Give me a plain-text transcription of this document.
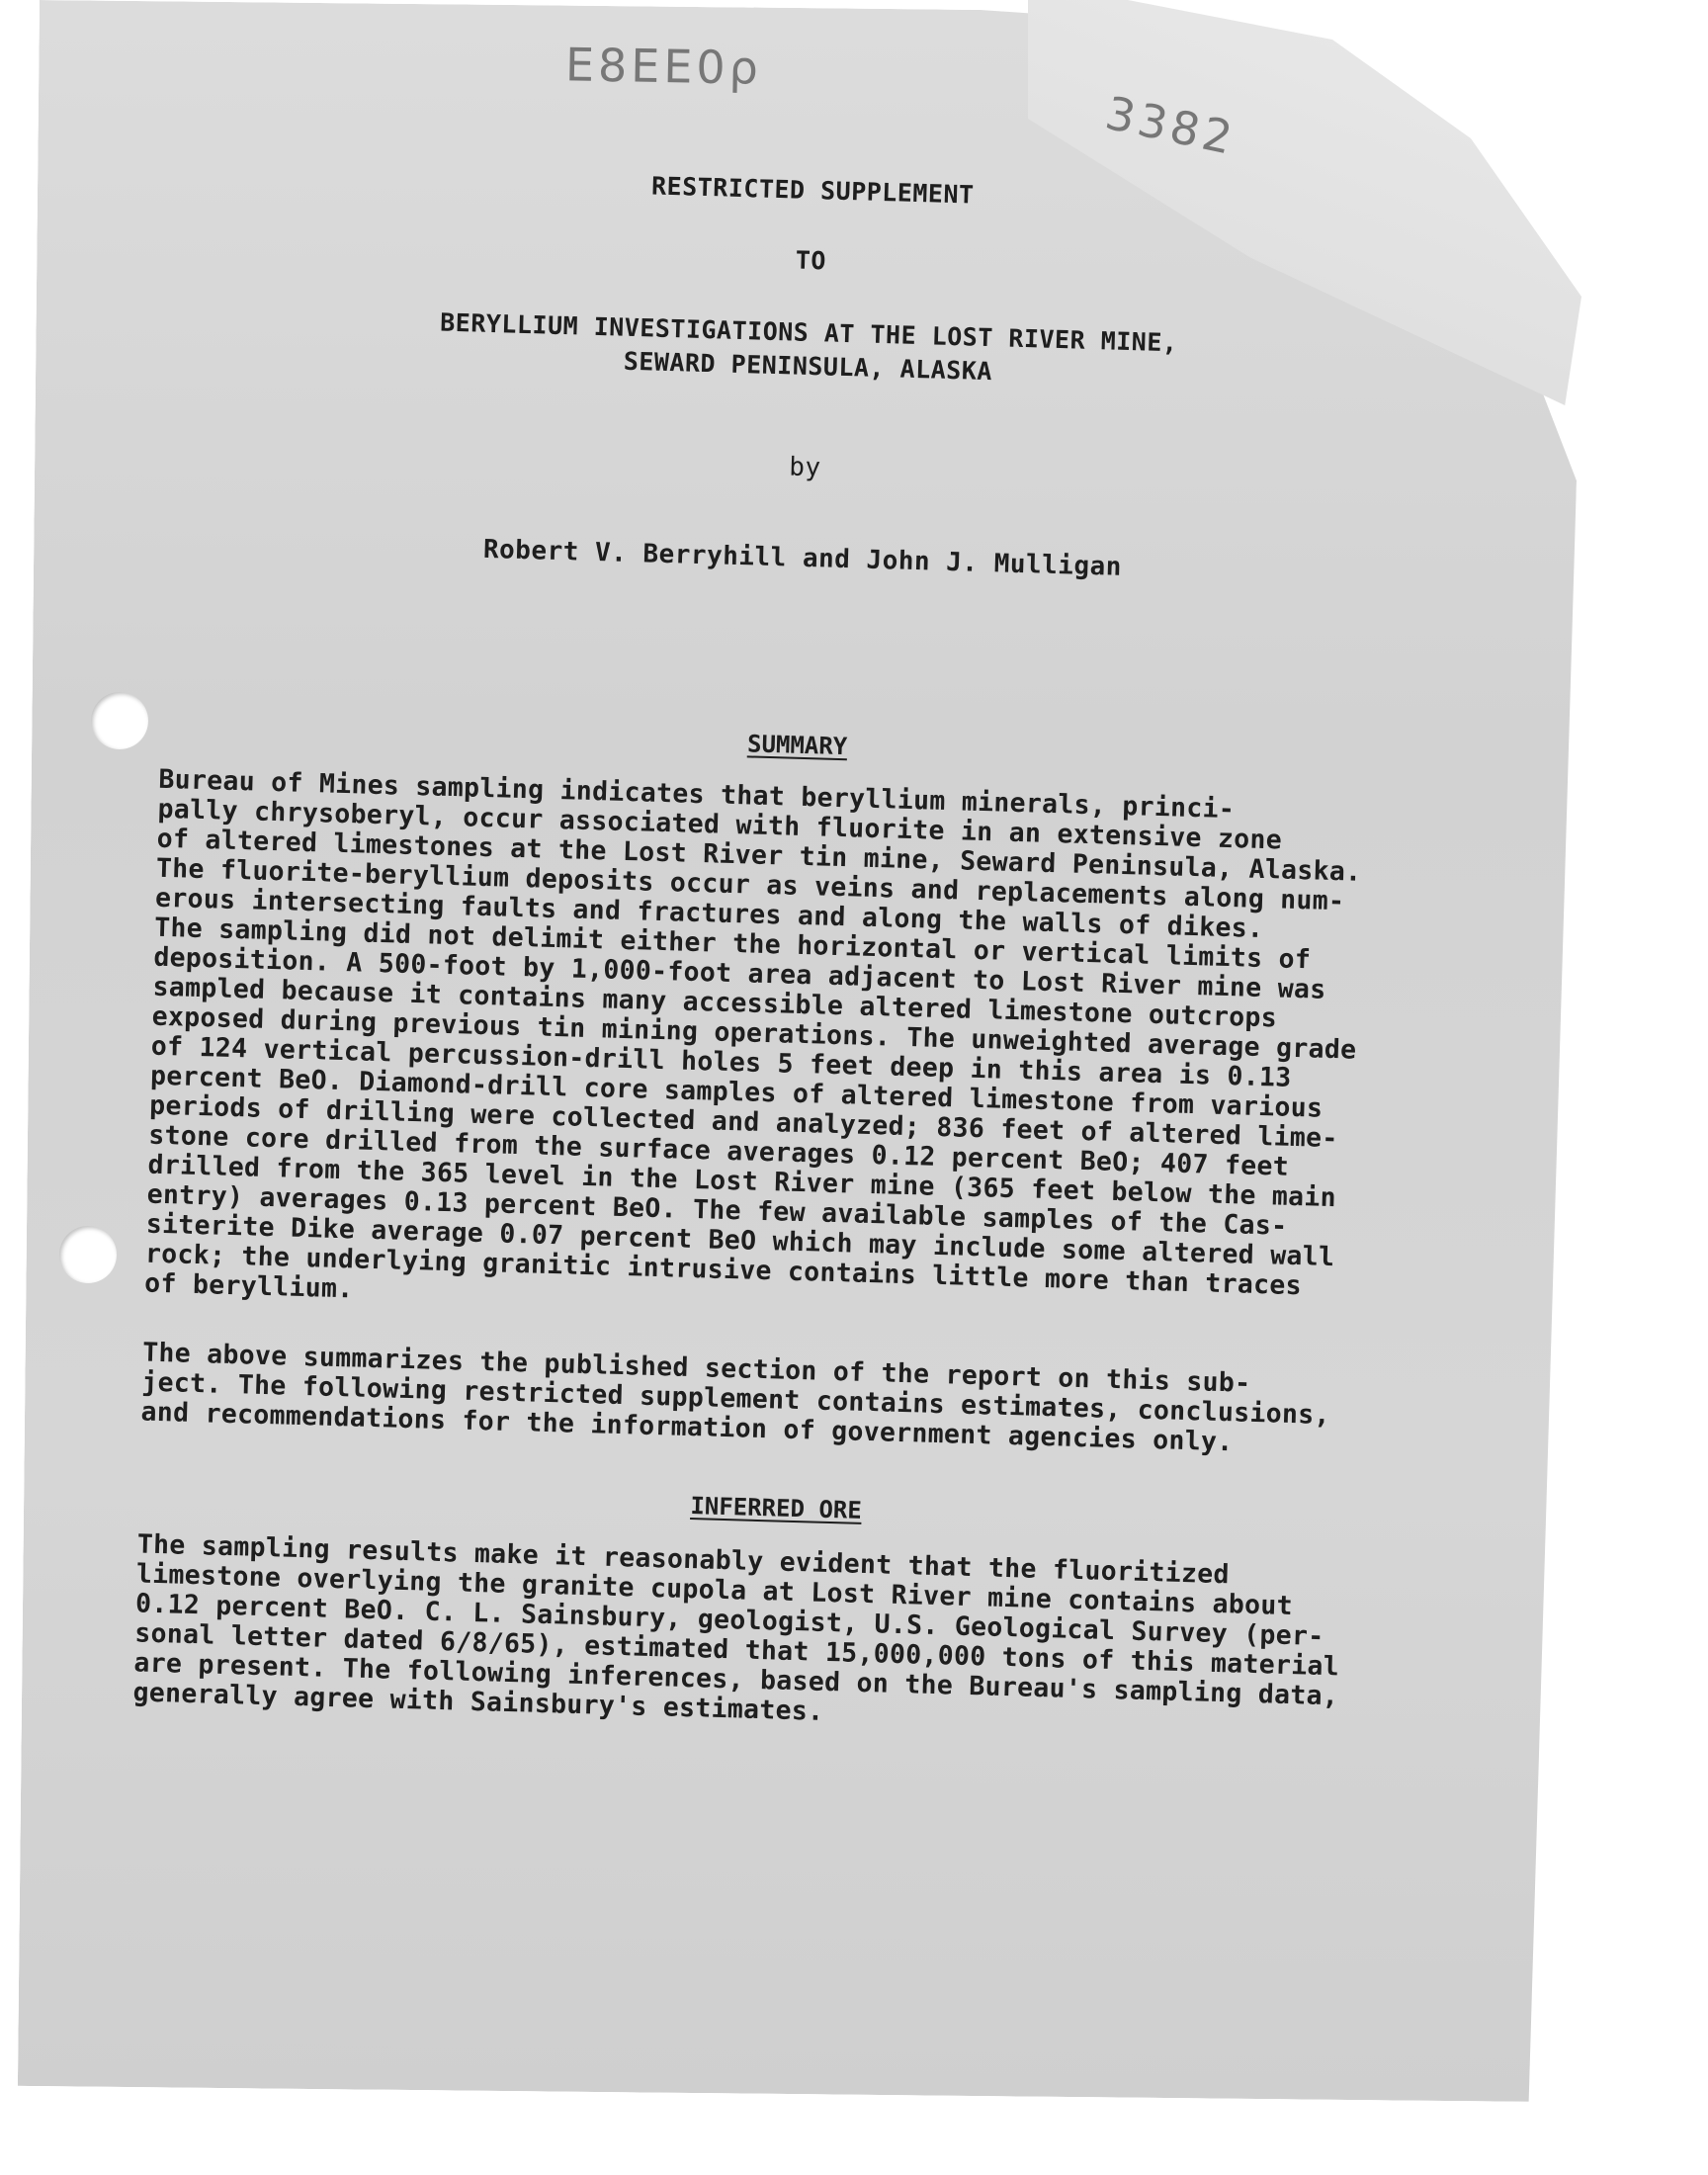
E8EE0ρ
3382
RESTRICTED SUPPLEMENT
TO
BERYLLIUM INVESTIGATIONS AT THE LOST RIVER MINE,
SEWARD PENINSULA, ALASKA
by
Robert V. Berryhill and John J. Mulligan
SUMMARY

Bureau of Mines sampling indicates that beryllium minerals, princi-
pally chrysoberyl, occur associated with fluorite in an extensive zone
of altered limestones at the Lost River tin mine, Seward Peninsula, Alaska.
The fluorite-beryllium deposits occur as veins and replacements along num-
erous intersecting faults and fractures and along the walls of dikes.
The sampling did not delimit either the horizontal or vertical limits of
deposition. A 500-foot by 1,000-foot area adjacent to Lost River mine was
sampled because it contains many accessible altered limestone outcrops
exposed during previous tin mining operations. The unweighted average grade
of 124 vertical percussion-drill holes 5 feet deep in this area is 0.13
percent BeO. Diamond-drill core samples of altered limestone from various
periods of drilling were collected and analyzed; 836 feet of altered lime-
stone core drilled from the surface averages 0.12 percent BeO; 407 feet
drilled from the 365 level in the Lost River mine (365 feet below the main
entry) averages 0.13 percent BeO. The few available samples of the Cas-
siterite Dike average 0.07 percent BeO which may include some altered wall
rock; the underlying granitic intrusive contains little more than traces
of beryllium.

The above summarizes the published section of the report on this sub-
ject. The following restricted supplement contains estimates, conclusions,
and recommendations for the information of government agencies only.

INFERRED ORE

The sampling results make it reasonably evident that the fluoritized
limestone overlying the granite cupola at Lost River mine contains about
0.12 percent BeO. C. L. Sainsbury, geologist, U.S. Geological Survey (per-
sonal letter dated 6/8/65), estimated that 15,000,000 tons of this material
are present. The following inferences, based on the Bureau's sampling data,
generally agree with Sainsbury's estimates.
